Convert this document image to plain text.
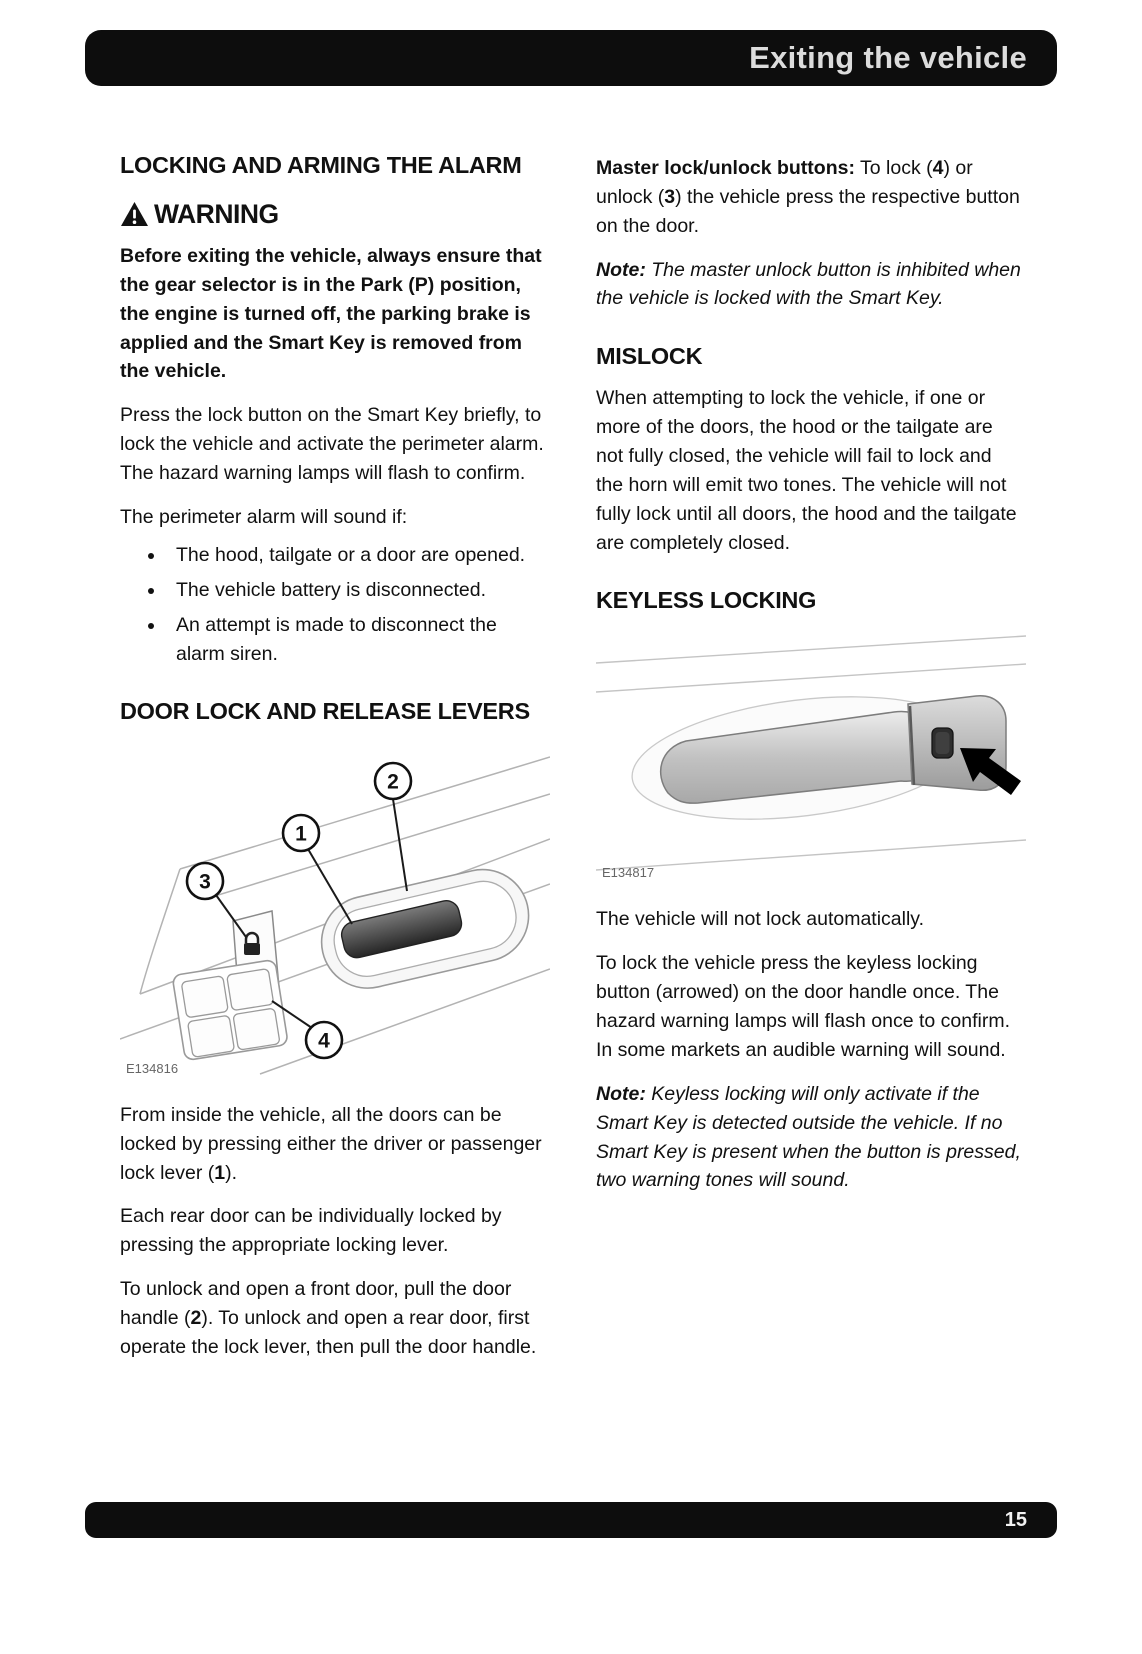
Exiting the vehicle
LOCKING AND ARMING THE ALARM
WARNING

Before exiting the vehicle, always ensure that the gear selector is in the Park (P) position, the engine is turned off, the parking brake is applied and the Smart Key is removed from the vehicle.

Press the lock button on the Smart Key briefly, to lock the vehicle and activate the perimeter alarm. The hazard warning lamps will flash to confirm.

The perimeter alarm will sound if:

• The hood, tailgate or a door are opened.
• The vehicle battery is disconnected.
• An attempt is made to disconnect the alarm siren.
DOOR LOCK AND RELEASE LEVERS
2
1
3
4
E134816

From inside the vehicle, all the doors can be locked by pressing either the driver or passenger lock lever (1).

Each rear door can be individually locked by pressing the appropriate locking lever.

To unlock and open a front door, pull the door handle (2). To unlock and open a rear door, first operate the lock lever, then pull the door handle.

Master lock/unlock buttons: To lock (4) or unlock (3) the vehicle press the respective button on the door.

Note: The master unlock button is inhibited when the vehicle is locked with the Smart Key.

MISLOCK

When attempting to lock the vehicle, if one or more of the doors, the hood or the tailgate are not fully closed, the vehicle will fail to lock and the horn will emit two tones. The vehicle will not fully lock until all doors, the hood and the tailgate are completely closed.

KEYLESS LOCKING
E134817

The vehicle will not lock automatically.

To lock the vehicle press the keyless locking button (arrowed) on the door handle once. The hazard warning lamps will flash once to confirm. In some markets an audible warning will sound.

Note: Keyless locking will only activate if the Smart Key is detected outside the vehicle. If no Smart Key is present when the button is pressed, two warning tones will sound.

15
